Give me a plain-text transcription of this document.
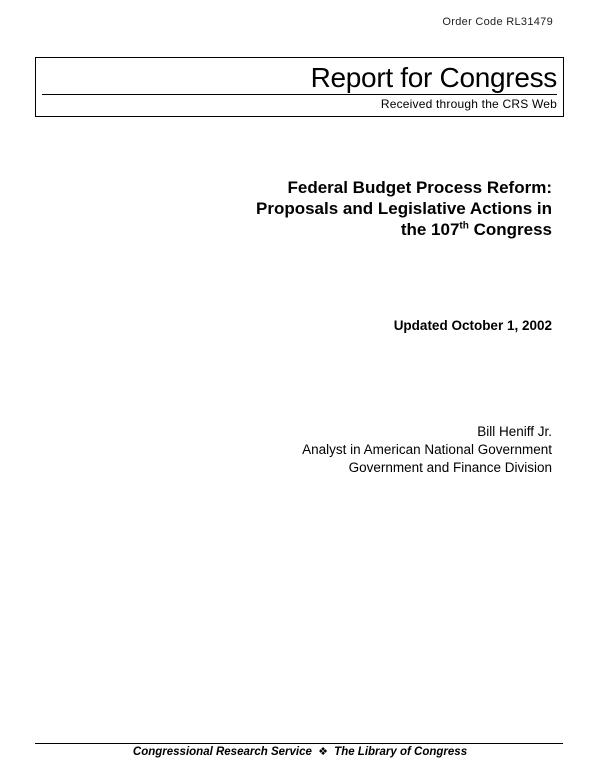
Order Code RL31479
Report for Congress
Received through the CRS Web
Federal Budget Process Reform:
Proposals and Legislative Actions in
the 107th Congress
Updated October 1, 2002
Bill Heniff Jr.
Analyst in American National Government
Government and Finance Division
Congressional Research Service ❖ The Library of Congress
